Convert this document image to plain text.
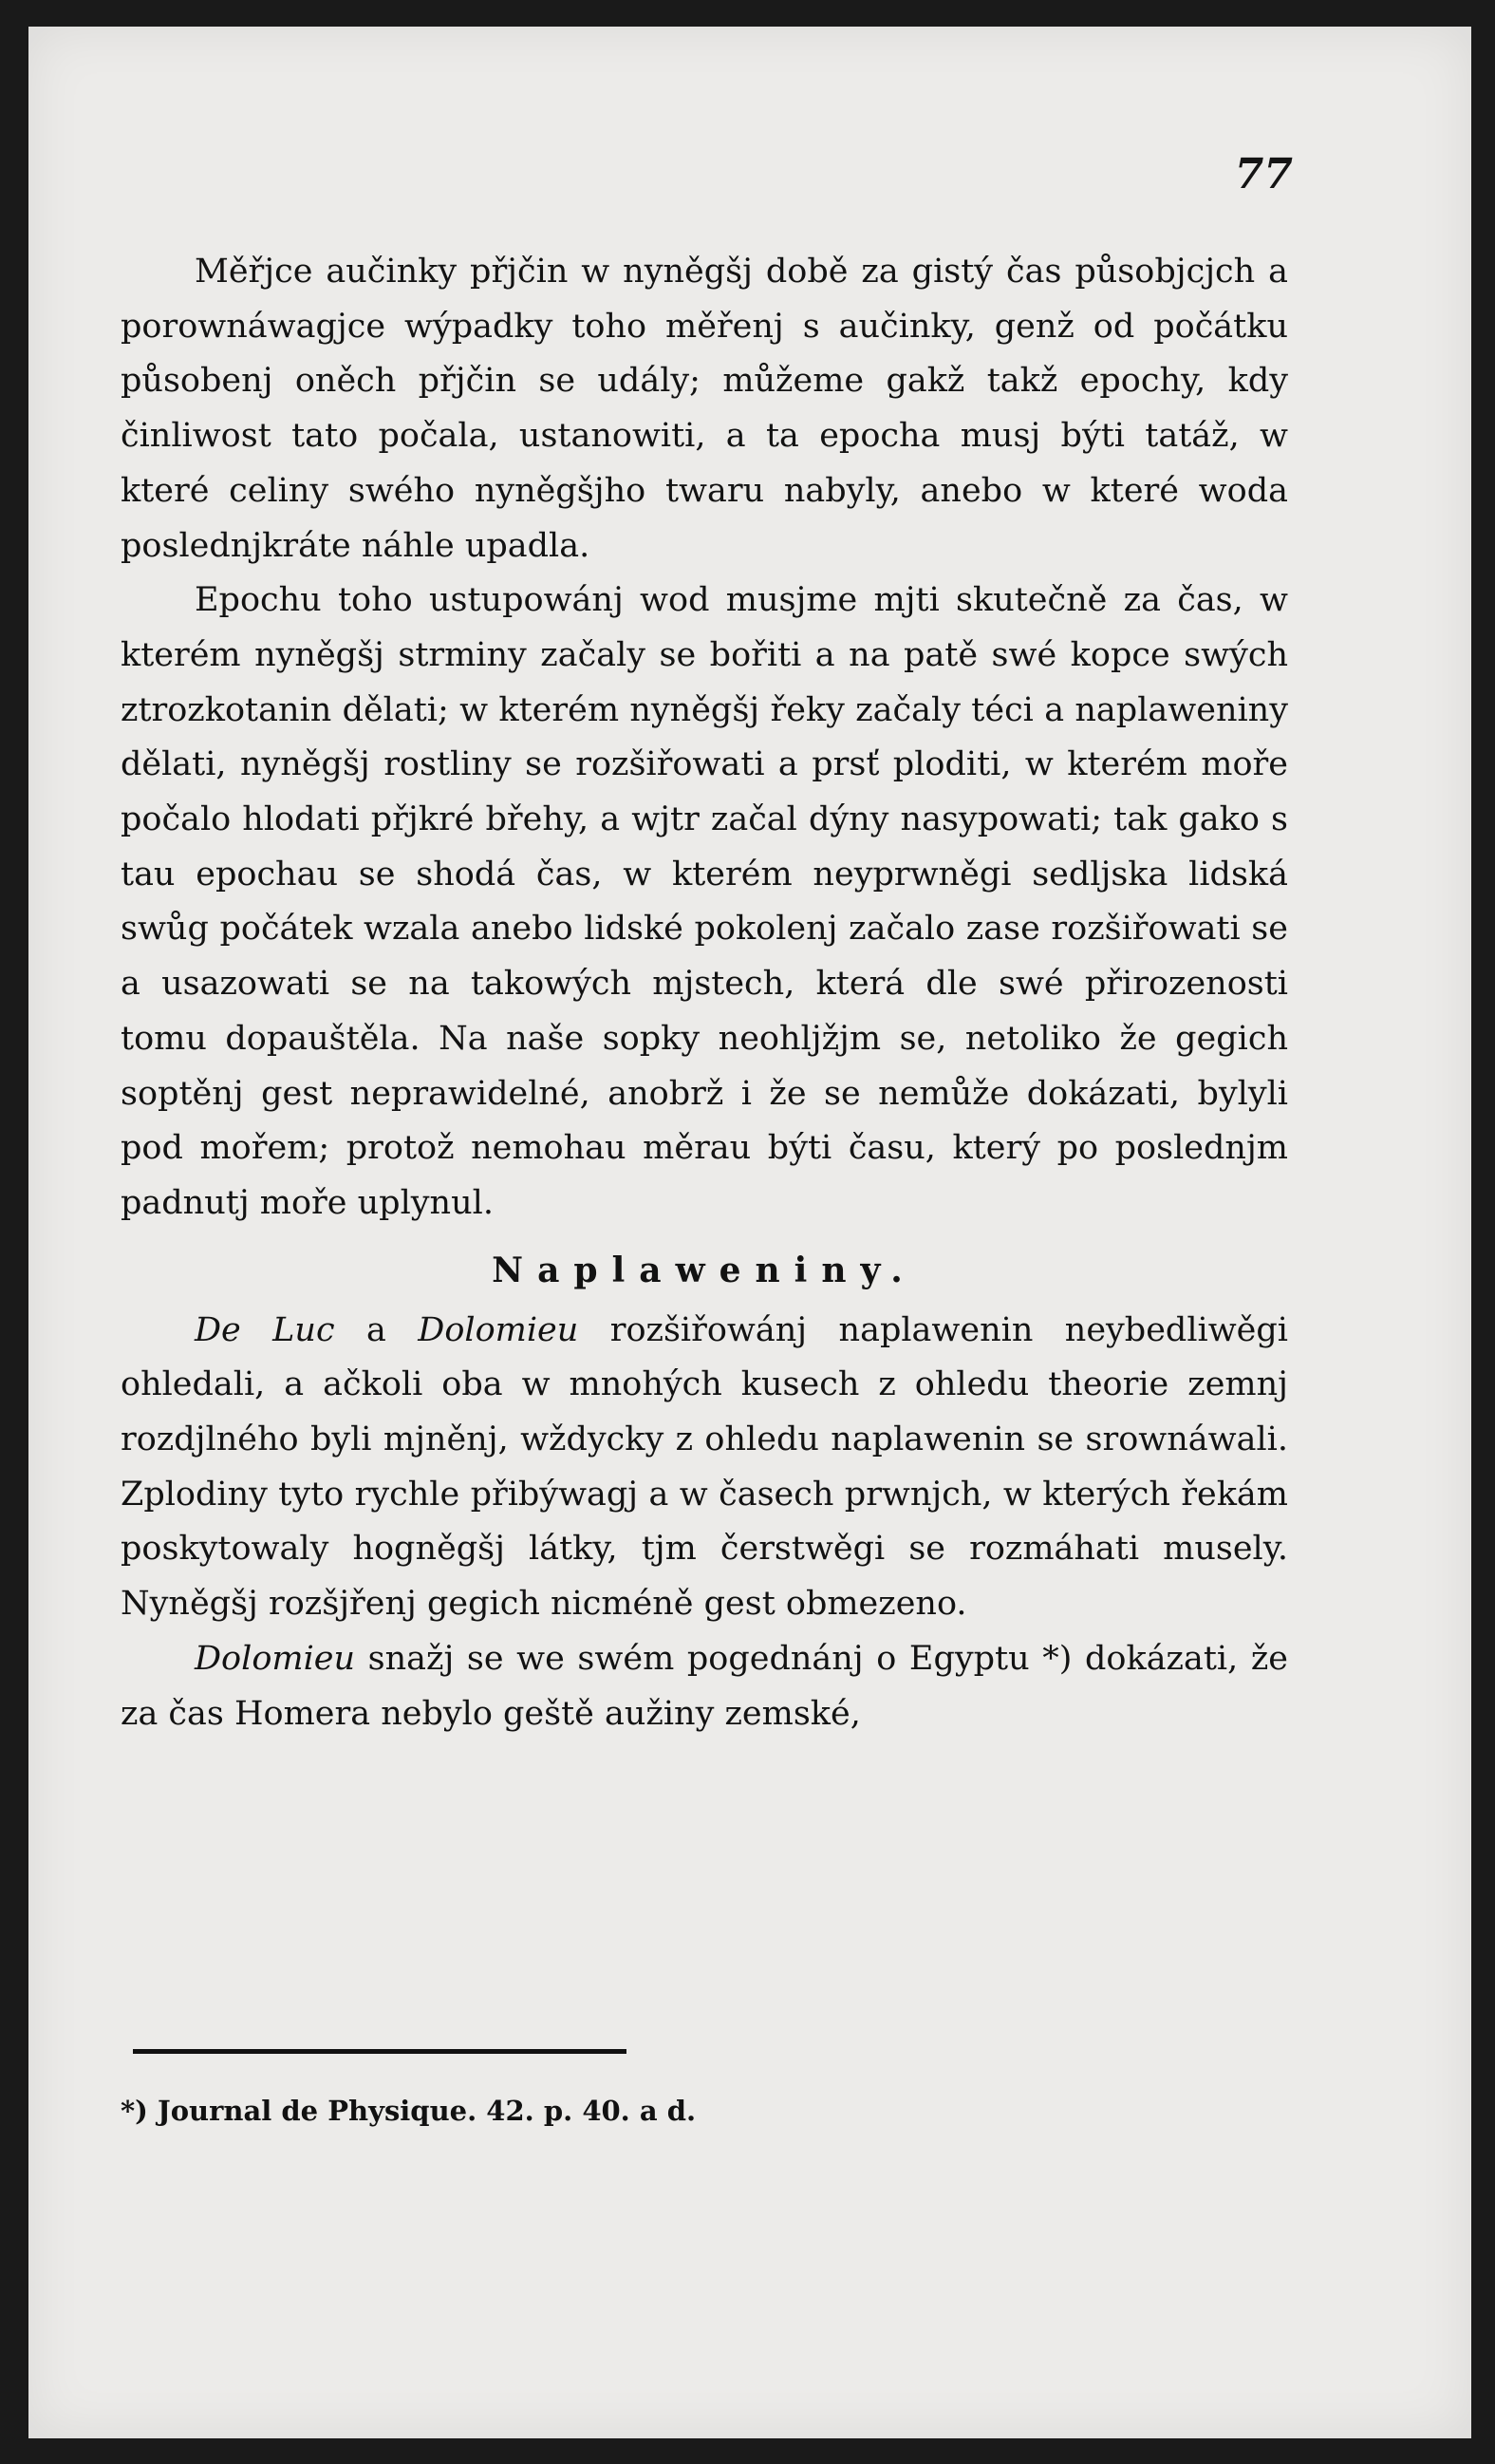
77

Měřjce aučinky přjčin w nyněgšj době za gistý čas působjcjch a porownáwagjce wýpadky toho měřenj s aučinky, genž od počátku působenj oněch přjčin se udály; můžeme gakž takž epochy, kdy činliwost tato počala, ustanowiti, a ta epocha musj býti tatáž, w které celiny swého nyněgšjho twaru nabyly, anebo w které woda poslednjkráte náhle upadla.

Epochu toho ustupowánj wod musjme mjti skutečně za čas, w kterém nyněgšj strminy začaly se bořiti a na patě swé kopce swých ztrozkotanin dělati; w kterém nyněgšj řeky začaly téci a naplaweniny dělati, nyněgšj rostliny se rozšiřowati a prsť ploditi, w kterém moře počalo hlodati přjkré břehy, a wjtr začal dýny nasypowati; tak gako s tau epochau se shodá čas, w kterém neyprwněgi sedljska lidská swůg počátek wzala anebo lidské pokolenj začalo zase rozšiřowati se a usazowati se na takowých mjstech, která dle swé přirozenosti tomu dopauštěla. Na naše sopky neohljžjm se, netoliko že gegich soptěnj gest neprawidelné, anobrž i že se nemůže dokázati, bylyli pod mořem; protož nemohau měrau býti času, který po poslednjm padnutj moře uplynul.

Naplaweniny.

De Luc a Dolomieu rozšiřowánj naplawenin neybedliwěgi ohledali, a ačkoli oba w mnohých kusech z ohledu theorie zemnj rozdjlného byli mjněnj, wždycky z ohledu naplawenin se srownáwali. Zplodiny tyto rychle přibýwagj a w časech prwnjch, w kterých řekám poskytowaly hogněgšj látky, tjm čerstwěgi se rozmáhati musely. Nyněgšj rozšjřenj gegich nicméně gest obmezeno.

Dolomieu snažj se we swém pogednánj o Egyptu *) dokázati, že za čas Homera nebylo geště aužiny zemské,

*) Journal de Physique. 42. p. 40. a d.
